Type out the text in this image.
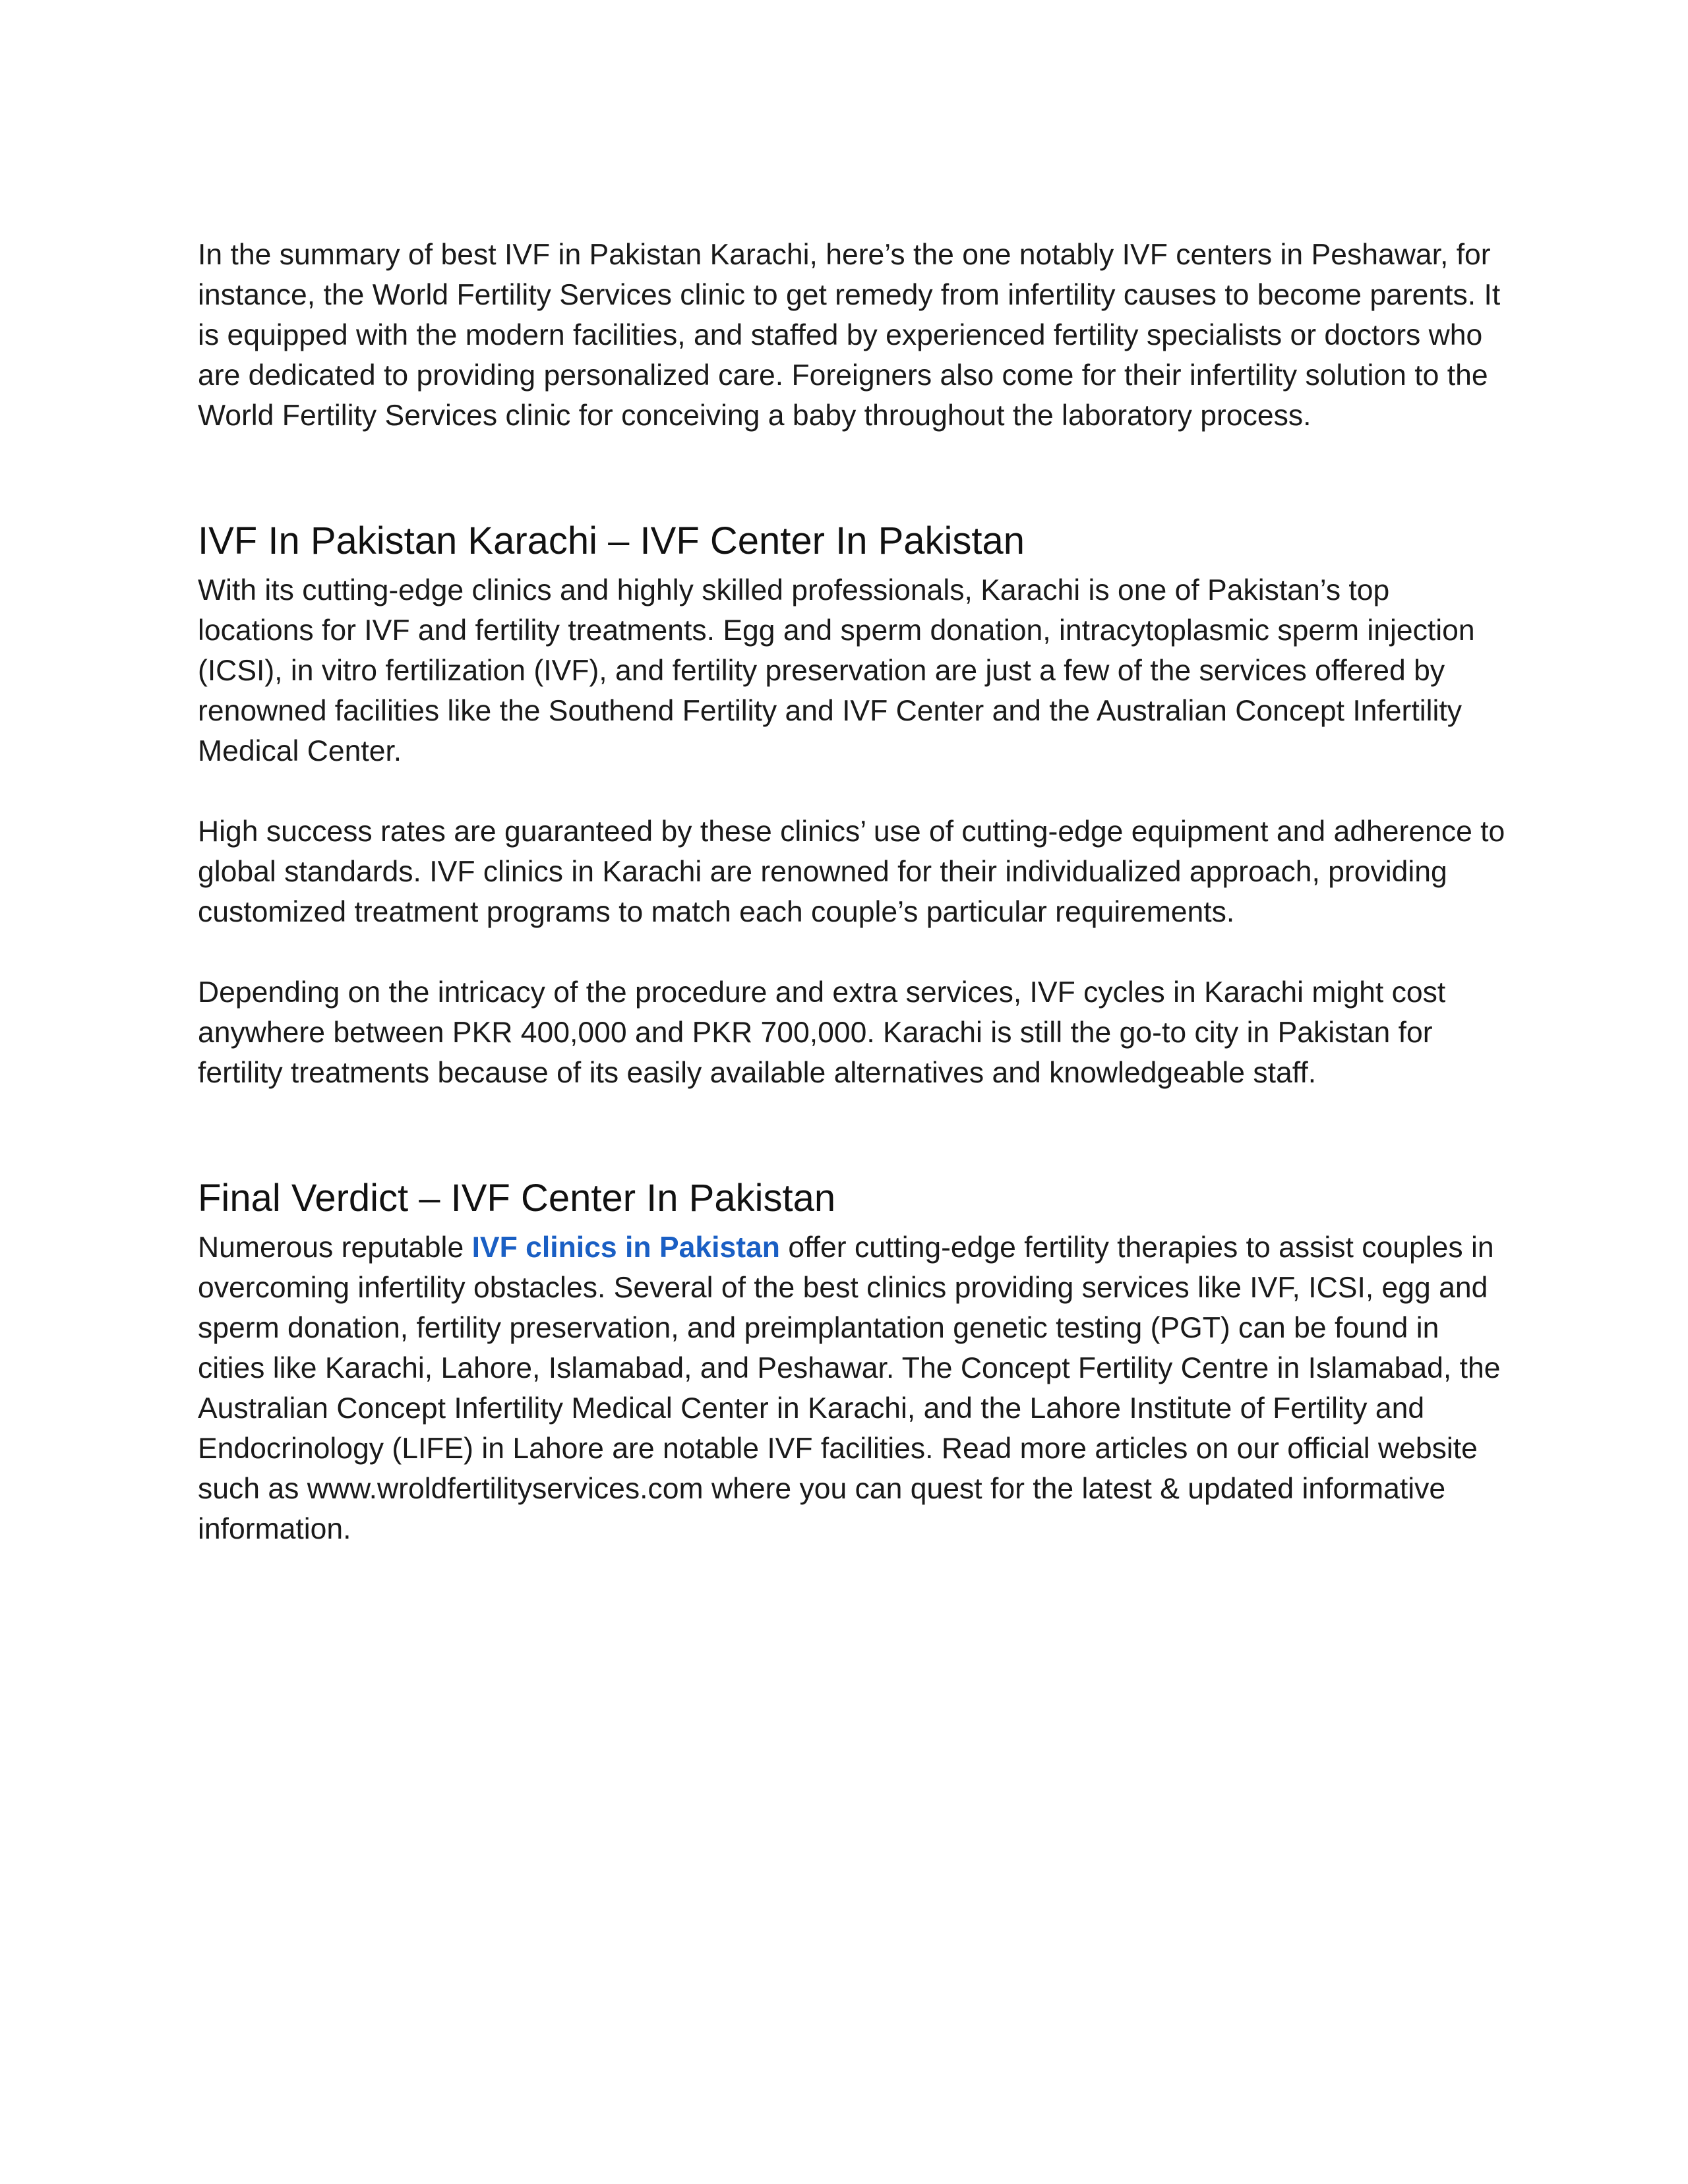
In the summary of best IVF in Pakistan Karachi, here’s the one notably IVF centers in Peshawar, for instance, the World Fertility Services clinic to get remedy from infertility causes to become parents. It is equipped with the modern facilities, and staffed by experienced fertility specialists or doctors who are dedicated to providing personalized care. Foreigners also come for their infertility solution to the World Fertility Services clinic for conceiving a baby throughout the laboratory process.

IVF In Pakistan Karachi – IVF Center In Pakistan

With its cutting-edge clinics and highly skilled professionals, Karachi is one of Pakistan’s top locations for IVF and fertility treatments. Egg and sperm donation, intracytoplasmic sperm injection (ICSI), in vitro fertilization (IVF), and fertility preservation are just a few of the services offered by renowned facilities like the Southend Fertility and IVF Center and the Australian Concept Infertility Medical Center.

High success rates are guaranteed by these clinics’ use of cutting-edge equipment and adherence to global standards. IVF clinics in Karachi are renowned for their individualized approach, providing customized treatment programs to match each couple’s particular requirements.

Depending on the intricacy of the procedure and extra services, IVF cycles in Karachi might cost anywhere between PKR 400,000 and PKR 700,000. Karachi is still the go-to city in Pakistan for fertility treatments because of its easily available alternatives and knowledgeable staff.

Final Verdict – IVF Center In Pakistan

Numerous reputable IVF clinics in Pakistan offer cutting-edge fertility therapies to assist couples in overcoming infertility obstacles. Several of the best clinics providing services like IVF, ICSI, egg and sperm donation, fertility preservation, and preimplantation genetic testing (PGT) can be found in cities like Karachi, Lahore, Islamabad, and Peshawar. The Concept Fertility Centre in Islamabad, the Australian Concept Infertility Medical Center in Karachi, and the Lahore Institute of Fertility and Endocrinology (LIFE) in Lahore are notable IVF facilities. Read more articles on our official website such as www.wroldfertilityservices.com where you can quest for the latest & updated informative information.
